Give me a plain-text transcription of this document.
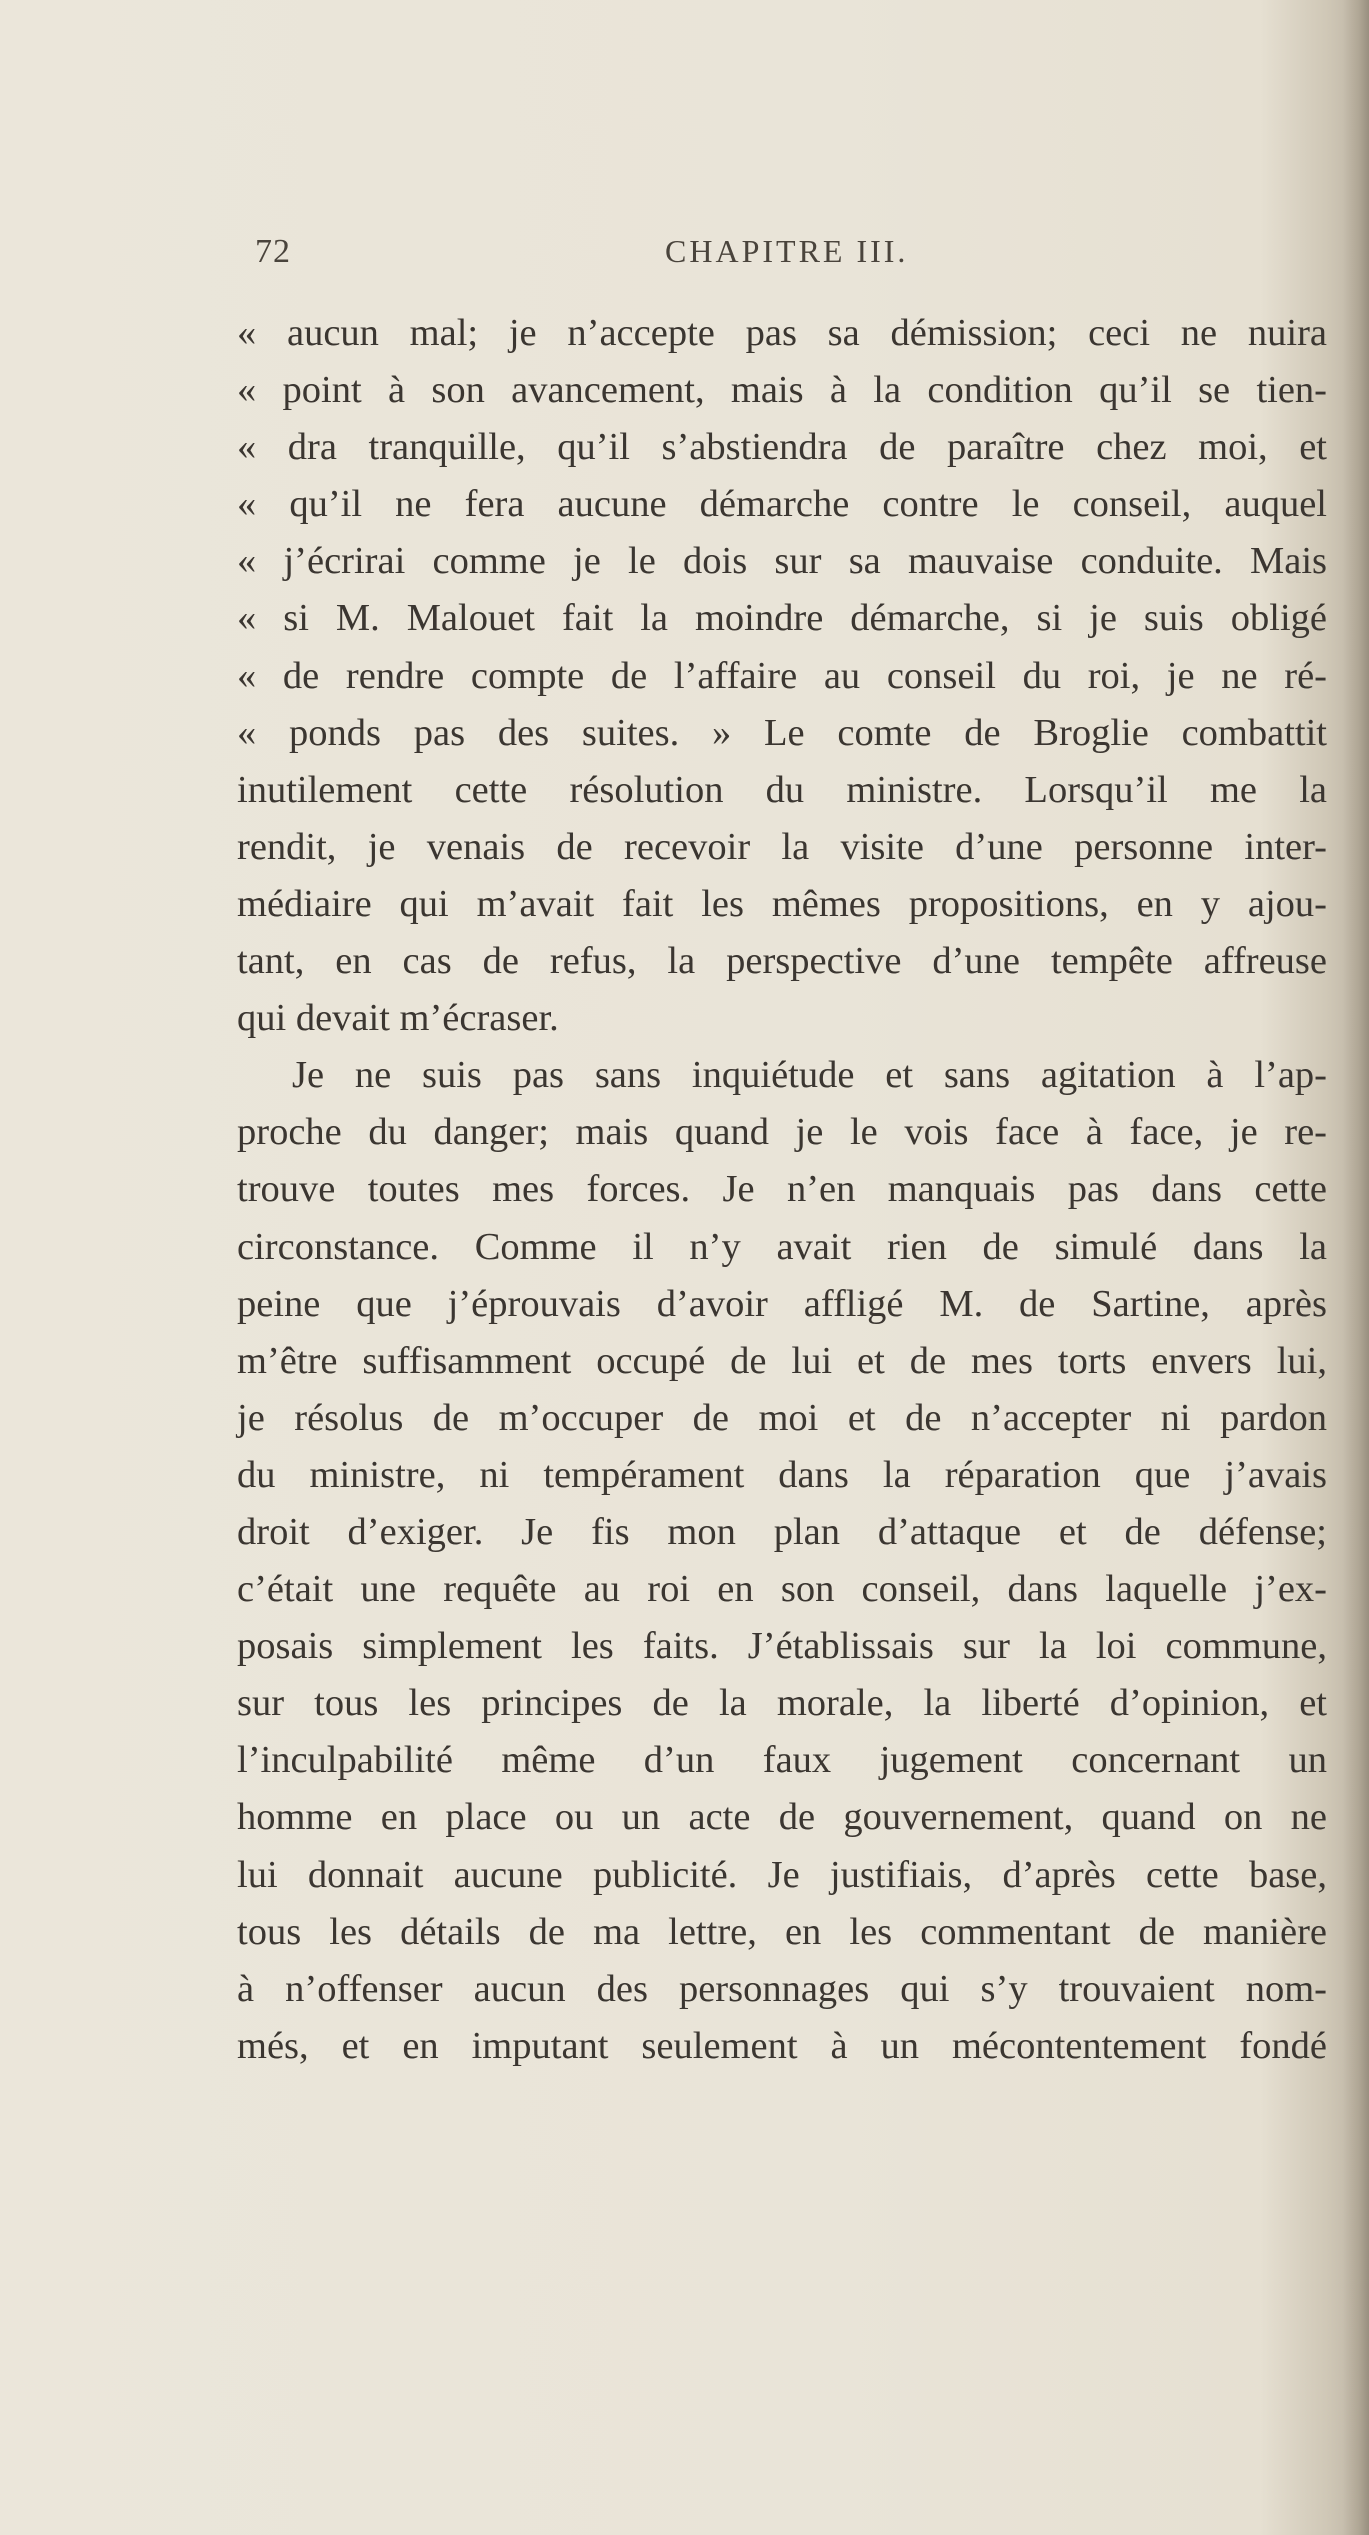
72	CHAPITRE III.
« aucun mal; je n’accepte pas sa démission; ceci ne nuira
« point à son avancement, mais à la condition qu’il se tien-
« dra tranquille, qu’il s’abstiendra de paraître chez moi, et
« qu’il ne fera aucune démarche contre le conseil, auquel
« j’écrirai comme je le dois sur sa mauvaise conduite. Mais
« si M. Malouet fait la moindre démarche, si je suis obligé
« de rendre compte de l’affaire au conseil du roi, je ne ré-
« ponds pas des suites. » Le comte de Broglie combattit
inutilement cette résolution du ministre. Lorsqu’il me la
rendit, je venais de recevoir la visite d’une personne inter-
médiaire qui m’avait fait les mêmes propositions, en y ajou-
tant, en cas de refus, la perspective d’une tempête affreuse
qui devait m’écraser.
Je ne suis pas sans inquiétude et sans agitation à l’ap-
proche du danger; mais quand je le vois face à face, je re-
trouve toutes mes forces. Je n’en manquais pas dans cette
circonstance. Comme il n’y avait rien de simulé dans la
peine que j’éprouvais d’avoir affligé M. de Sartine, après
m’être suffisamment occupé de lui et de mes torts envers lui,
je résolus de m’occuper de moi et de n’accepter ni pardon
du ministre, ni tempérament dans la réparation que j’avais
droit d’exiger. Je fis mon plan d’attaque et de défense;
c’était une requête au roi en son conseil, dans laquelle j’ex-
posais simplement les faits. J’établissais sur la loi commune,
sur tous les principes de la morale, la liberté d’opinion, et
l’inculpabilité même d’un faux jugement concernant un
homme en place ou un acte de gouvernement, quand on ne
lui donnait aucune publicité. Je justifiais, d’après cette base,
tous les détails de ma lettre, en les commentant de manière
à n’offenser aucun des personnages qui s’y trouvaient nom-
més, et en imputant seulement à un mécontentement fondé
